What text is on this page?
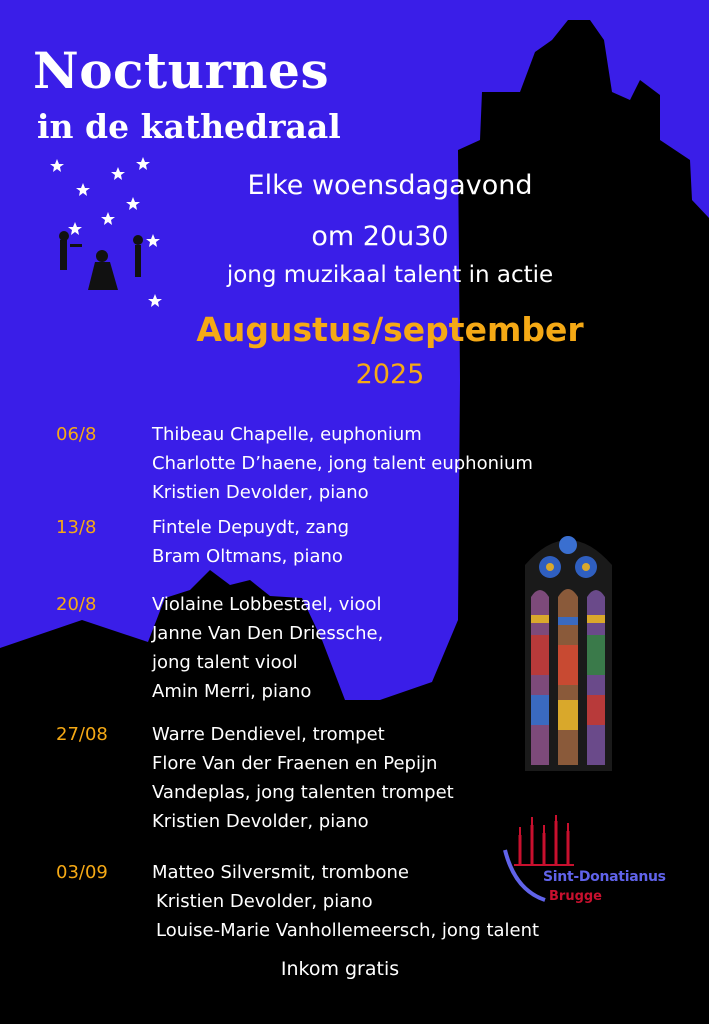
Nocturnes
in de kathedraal
Elke woensdagavond
om 20u30
jong muzikaal talent in actie
Augustus/september
2025
06/8	Thibeau Chapelle, euphonium
Charlotte D’haene, jong talent euphonium
Kristien Devolder, piano
13/8	Fintele Depuydt, zang
Bram Oltmans, piano
20/8	Violaine Lobbestael, viool
Janne Van Den Driessche,
jong talent viool
Amin Merri, piano
27/08 Warre Dendievel, trompet
Flore Van der Fraenen en Pepijn
Vandeplas, jong talenten trompet
Kristien Devolder, piano
03/09 Matteo Silversmit, trombone
Kristien Devolder, piano
Louise-Marie Vanhollemeersch, jong talent
Inkom gratis
Sint-Donatianus
Brugge
